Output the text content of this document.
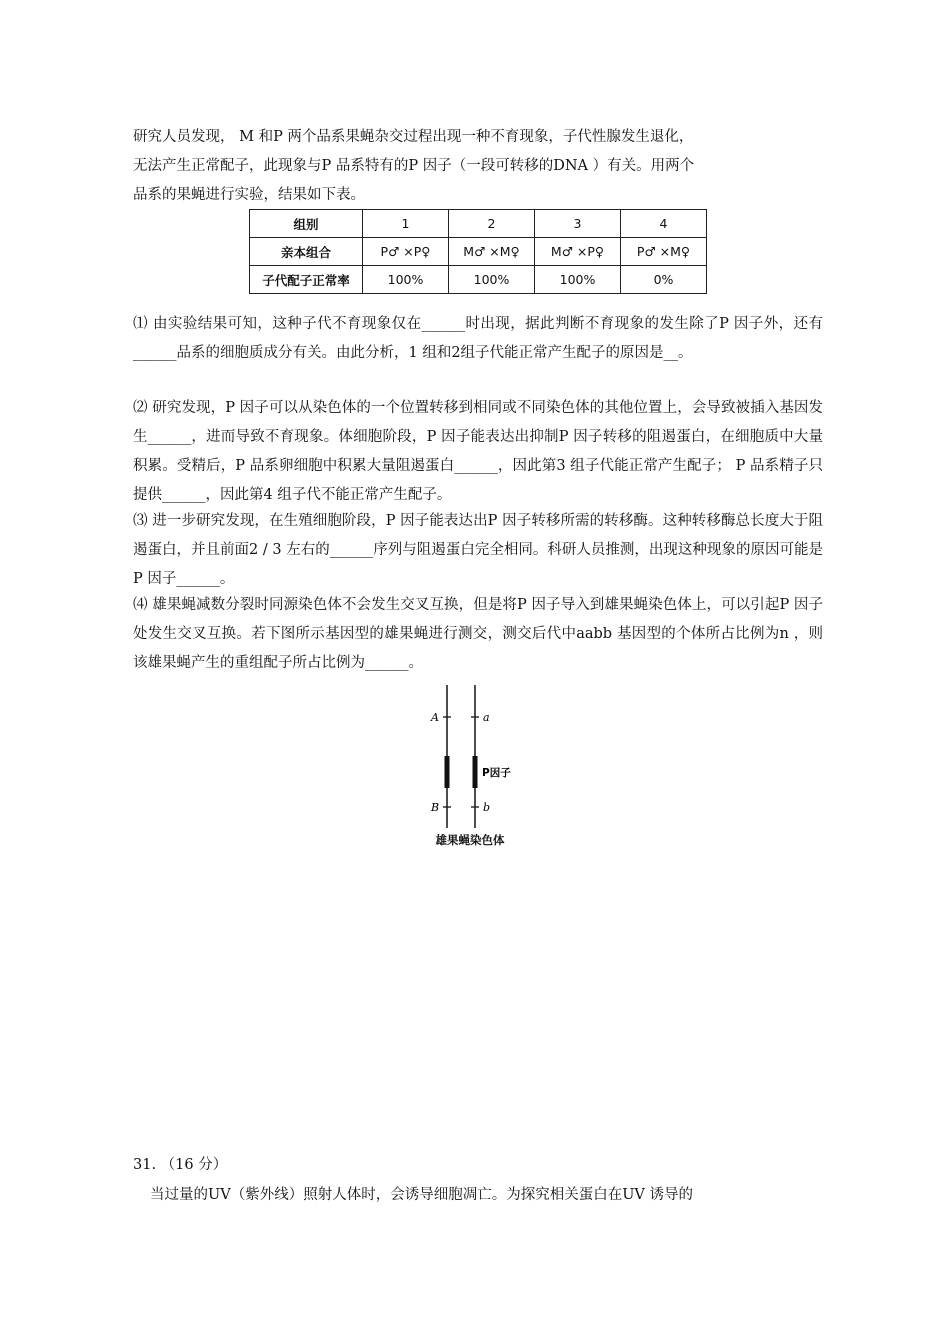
研究人员发现， M 和P 两个品系果蝇杂交过程出现一种不育现象，子代性腺发生退化，
无法产生正常配子，此现象与P 品系特有的P 因子（一段可转移的DNA ）有关。用两个
品系的果蝇进行实验，结果如下表。
组别	1	2	3	4
亲本组合	P♂ ×P♀	M♂ ×M♀	M♂ ×P♀	P♂ ×M♀
子代配子正常率	100%	100%	100%	0%

⑴ 由实验结果可知，这种子代不育现象仅在______时出现，据此判断不育现象的发生除了P 因子外，还有______品系的细胞质成分有关。由此分析，1 组和2组子代能正常产生配子的原因是__。

⑵ 研究发现，P 因子可以从染色体的一个位置转移到相同或不同染色体的其他位置上，会导致被插入基因发生______，进而导致不育现象。体细胞阶段，P 因子能表达出抑制P 因子转移的阻遏蛋白，在细胞质中大量积累。受精后，P 品系卵细胞中积累大量阻遏蛋白______，因此第3 组子代能正常产生配子； P 品系精子只提供______，因此第4 组子代不能正常产生配子。

⑶ 进一步研究发现，在生殖细胞阶段，P 因子能表达出P 因子转移所需的转移酶。这种转移酶总长度大于阻遏蛋白，并且前面2 / 3 左右的______序列与阻遏蛋白完全相同。科研人员推测，出现这种现象的原因可能是P 因子______。

⑷ 雄果蝇减数分裂时同源染色体不会发生交叉互换，但是将P 因子导入到雄果蝇染色体上，可以引起P 因子处发生交叉互换。若下图所示基因型的雄果蝇进行测交，测交后代中aabb 基因型的个体所占比例为n ，则该雄果蝇产生的重组配子所占比例为______。

A	a
B	b
P因子
雄果蝇染色体
31. （16 分）
当过量的UV（紫外线）照射人体时，会诱导细胞凋亡。为探究相关蛋白在UV 诱导的
